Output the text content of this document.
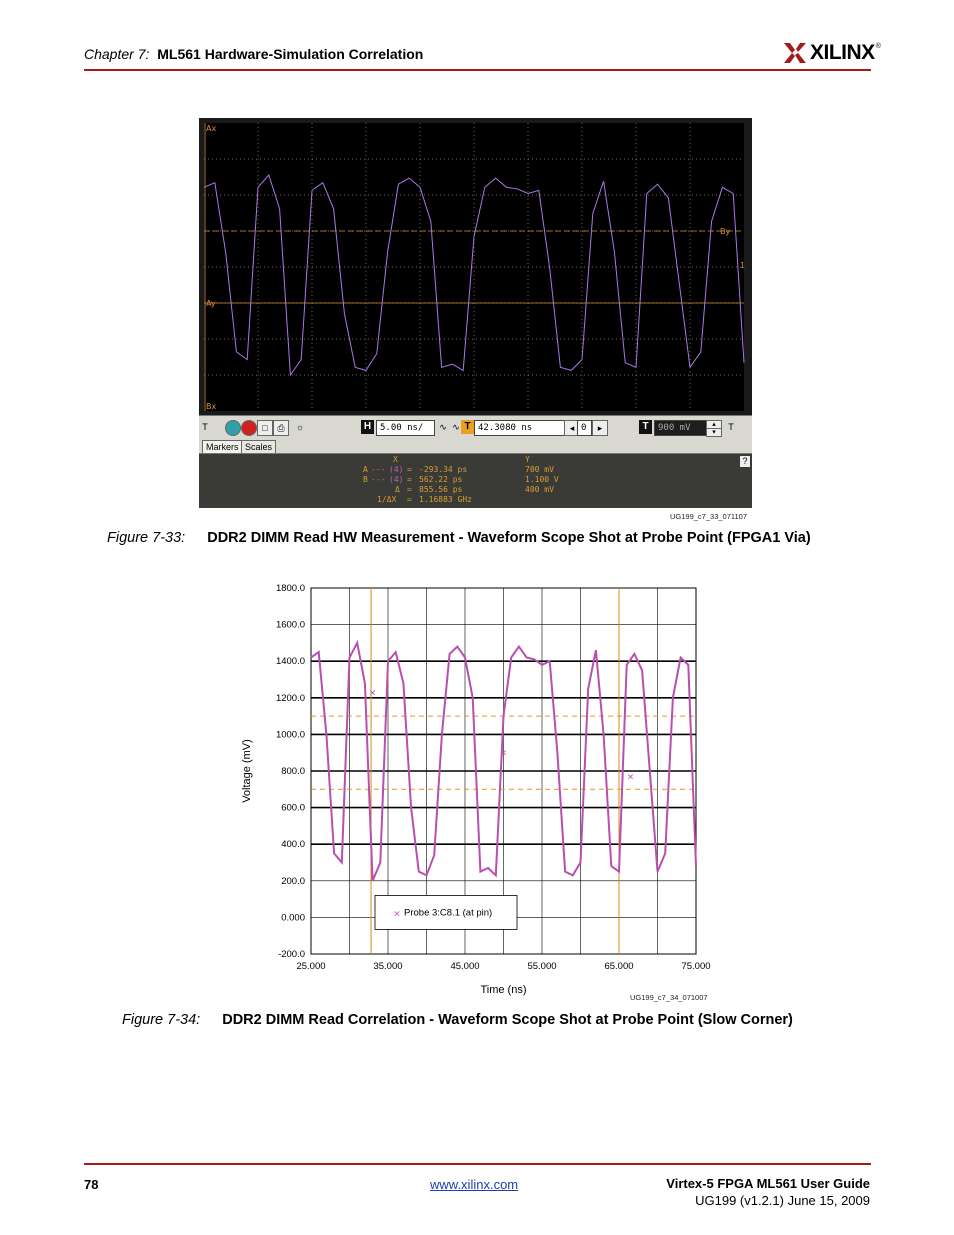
Chapter 7: ML561 Hardware-Simulation Correlation	XILINX ®
Ax
By
1
Ay
Bx
T	□	⎙	☼	H 5.00 ns/	∿ ∿ T 42.3080 ns	◂ 0	▸	T	900 mV	▴
▾
T
Markers Scales
?
X	Y
A --- (4) = -293.34 ps	700 mV
B --- (4) = 562.22 ps	1.100 V
Δ = 855.56 ps	400 mV
1/ΔX = 1.16883 GHz
UG199_c7_33_071107
Figure 7-33: DDR2 DIMM Read HW Measurement - Waveform Scope Shot at Probe Point (FPGA1 Via)
×
×
×
× Probe 3:C8.1 (at pin)
-200.0
0.000
200.0
400.0
600.0
800.0
1000.0
1200.0
1400.0
1600.0
1800.0
25.000	35.000	45.000	55.000	65.000	75.000
Time (ns)
Voltage (mV)
UG199_c7_34_071007
Figure 7-34: DDR2 DIMM Read Correlation - Waveform Scope Shot at Probe Point (Slow Corner)
78	www.xilinx.com	Virtex-5 FPGA ML561 User Guide
UG199 (v1.2.1) June 15, 2009
